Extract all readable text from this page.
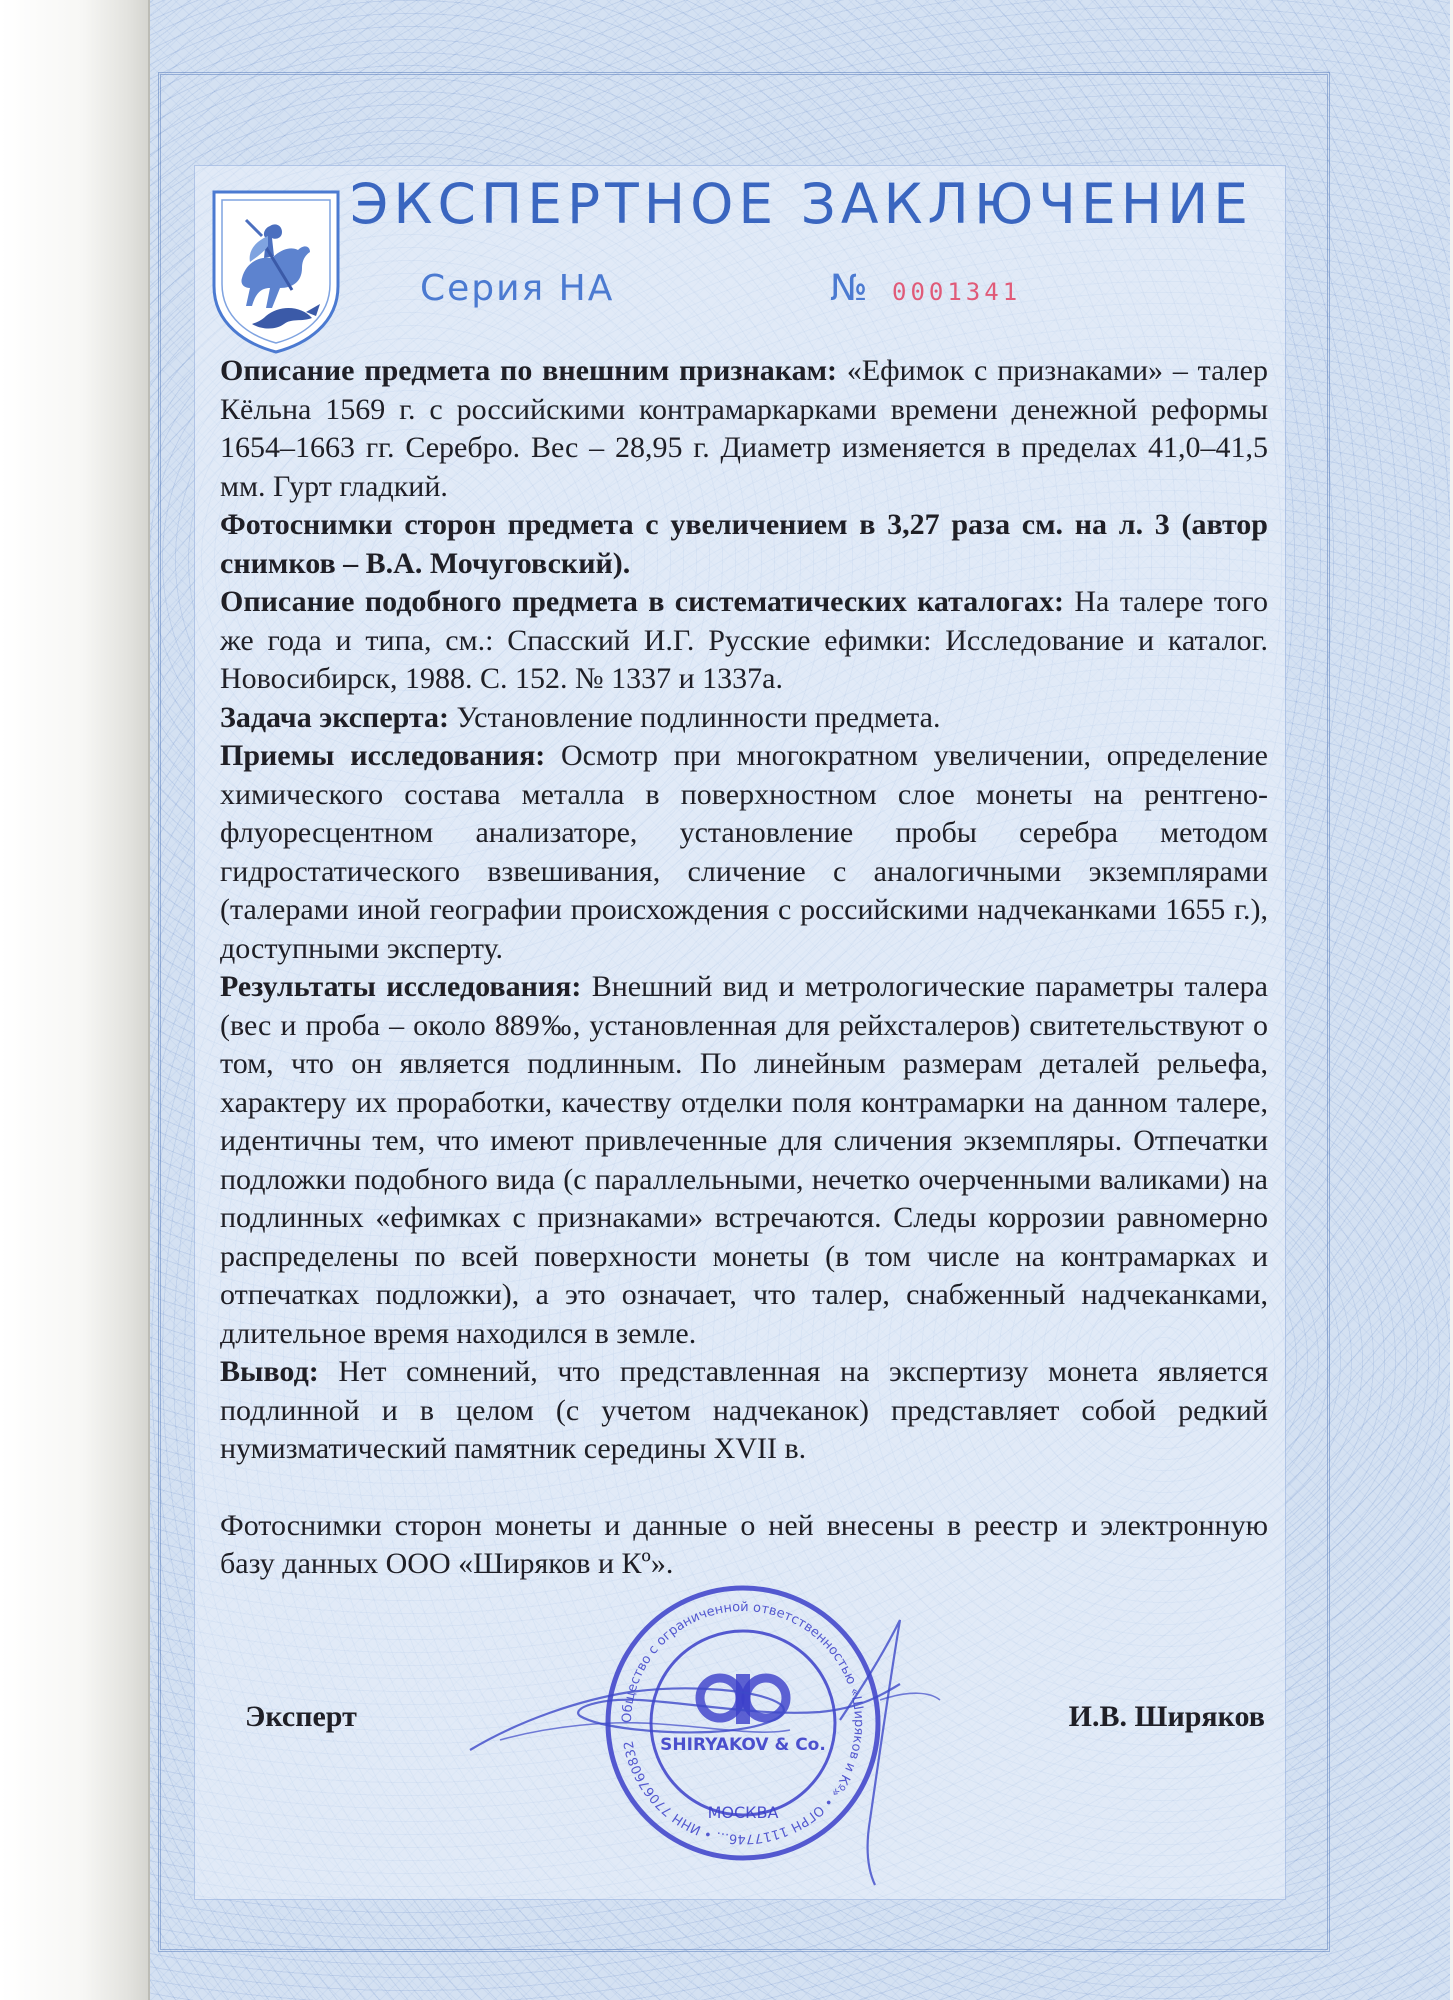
ЭКСПЕРТНОЕ ЗАКЛЮЧЕНИЕ
Серия НА	№ 0001341

Описание предмета по внешним признакам: «Ефимок с признаками» – талер Кёльна 1569 г. с российскими контрамаркарками времени денежной реформы 1654–1663 гг. Серебро. Вес – 28,95 г. Диаметр изменяется в пределах 41,0–41,5 мм. Гурт гладкий.

Фотоснимки сторон предмета с увеличением в 3,27 раза см. на л. 3 (автор снимков – В.А. Мочуговский).

Описание подобного предмета в систематических каталогах: На талере того же года и типа, см.: Спасский И.Г. Русские ефимки: Исследование и каталог. Новосибирск, 1988. С. 152. № 1337 и 1337а.

Задача эксперта: Установление подлинности предмета.

Приемы исследования: Осмотр при многократном увеличении, определение химического состава металла в поверхностном слое монеты на рентгено-флуоресцентном анализаторе, установление пробы серебра методом гидростатического взвешивания, сличение с аналогичными экземплярами (талерами иной географии происхождения с российскими надчеканками 1655 г.), доступными эксперту.

Результаты исследования: Внешний вид и метрологические параметры талера (вес и проба – около 889‰, установленная для рейхсталеров) свитетельствуют о том, что он является подлинным. По линейным размерам деталей рельефа, характеру их проработки, качеству отделки поля контрамарки на данном талере, идентичны тем, что имеют привлеченные для сличения экземпляры. Отпечатки подложки подобного вида (с параллельными, нечетко очерченными валиками) на подлинных «ефимках с признаками» встречаются. Следы коррозии равномерно распределены по всей поверхности монеты (в том числе на контрамарках и отпечатках подложки), а это означает, что талер, снабженный надчеканками, длительное время находился в земле.

Вывод: Нет сомнений, что представленная на экспертизу монета является подлинной и в целом (с учетом надчеканок) представляет собой редкий нумизматический памятник середины XVII в.

Фотоснимки сторон монеты и данные о ней внесены в реестр и электронную базу данных ООО «Ширяков и Кº».

Общество с ограниченной ответственностью «Ширяков и Кº» • ОГРН 1117746... • ИНН 7706760832	SHIRYAKOV & Co.
МОСКВА
Эксперт	И.В. Ширяков
